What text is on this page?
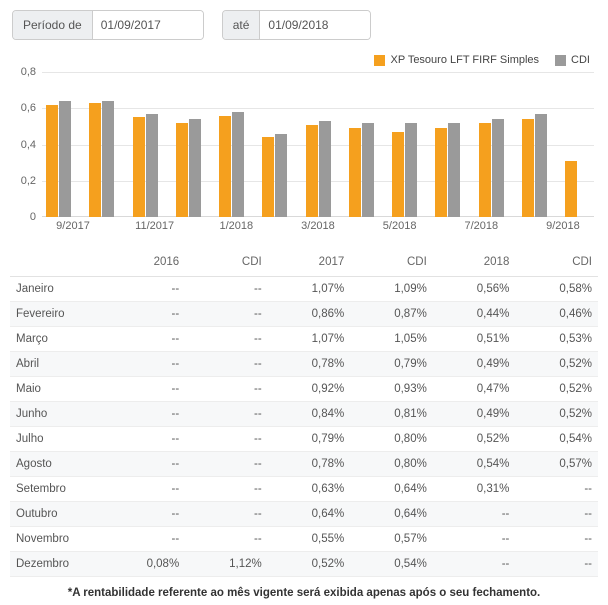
Período de
01/09/2017	até
01/09/2018
XP Tesouro LFT FIRF Simples	CDI
0
0,2
0,4
0,6
0,8
9/2017	11/2017	1/2018	3/2018	5/2018	7/2018	9/2018
	2016	CDI	2017	CDI	2018	CDI
Janeiro	--	--	1,07%	1,09%	0,56%	0,58%
Fevereiro	--	--	0,86%	0,87%	0,44%	0,46%
Março	--	--	1,07%	1,05%	0,51%	0,53%
Abril	--	--	0,78%	0,79%	0,49%	0,52%
Maio	--	--	0,92%	0,93%	0,47%	0,52%
Junho	--	--	0,84%	0,81%	0,49%	0,52%
Julho	--	--	0,79%	0,80%	0,52%	0,54%
Agosto	--	--	0,78%	0,80%	0,54%	0,57%
Setembro	--	--	0,63%	0,64%	0,31%	--
Outubro	--	--	0,64%	0,64%	--	--
Novembro	--	--	0,55%	0,57%	--	--
Dezembro	0,08%	1,12%	0,52%	0,54%	--	--
*A rentabilidade referente ao mês vigente será exibida apenas após o seu fechamento.
